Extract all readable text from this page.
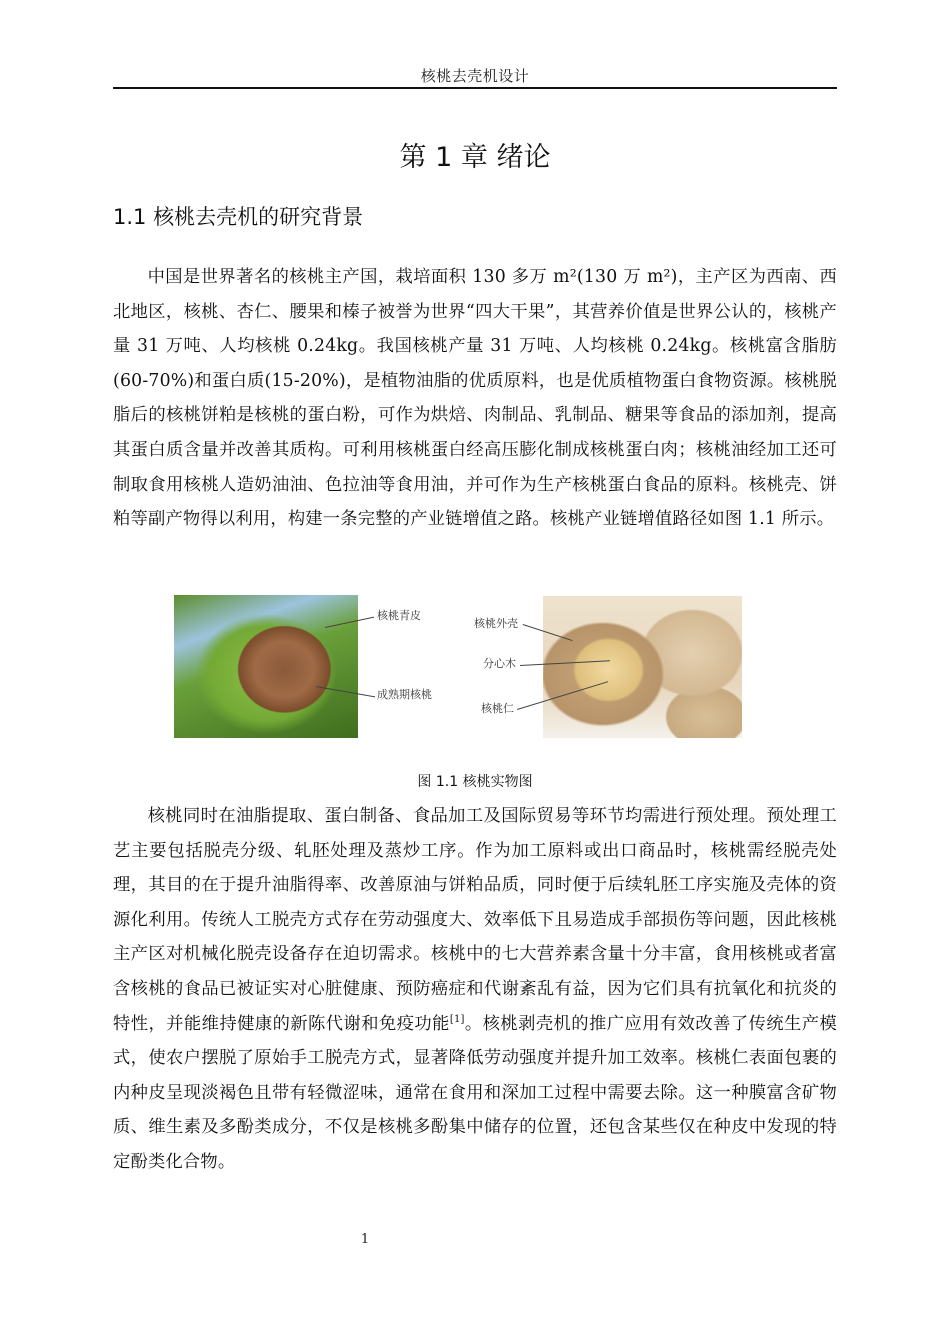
核桃去壳机设计
第 1 章 绪论
1.1 核桃去壳机的研究背景

中国是世界著名的核桃主产国，栽培面积 130 多万 m²(130 万 m²)，主产区为西南、西北地区，核桃、杏仁、腰果和榛子被誉为世界“四大干果”，其营养价值是世界公认的，核桃产量 31 万吨、人均核桃 0.24kg。我国核桃产量 31 万吨、人均核桃 0.24kg。核桃富含脂肪(60-70%)和蛋白质(15-20%)，是植物油脂的优质原料，也是优质植物蛋白食物资源。核桃脱脂后的核桃饼粕是核桃的蛋白粉，可作为烘焙、肉制品、乳制品、糖果等食品的添加剂，提高其蛋白质含量并改善其质构。可利用核桃蛋白经高压膨化制成核桃蛋白肉；核桃油经加工还可制取食用核桃人造奶油油、色拉油等食用油，并可作为生产核桃蛋白食品的原料。核桃壳、饼粕等副产物得以利用，构建一条完整的产业链增值之路。核桃产业链增值路径如图 1.1 所示。

核桃青皮
成熟期核桃
核桃外壳
分心木
核桃仁
图 1.1 核桃实物图

核桃同时在油脂提取、蛋白制备、食品加工及国际贸易等环节均需进行预处理。预处理工艺主要包括脱壳分级、轧胚处理及蒸炒工序。作为加工原料或出口商品时，核桃需经脱壳处理，其目的在于提升油脂得率、改善原油与饼粕品质，同时便于后续轧胚工序实施及壳体的资源化利用。传统人工脱壳方式存在劳动强度大、效率低下且易造成手部损伤等问题，因此核桃主产区对机械化脱壳设备存在迫切需求。核桃中的七大营养素含量十分丰富，食用核桃或者富含核桃的食品已被证实对心脏健康、预防癌症和代谢紊乱有益，因为它们具有抗氧化和抗炎的特性，并能维持健康的新陈代谢和免疫功能[1]。核桃剥壳机的推广应用有效改善了传统生产模式，使农户摆脱了原始手工脱壳方式，显著降低劳动强度并提升加工效率。核桃仁表面包裹的内种皮呈现淡褐色且带有轻微涩味，通常在食用和深加工过程中需要去除。这一种膜富含矿物质、维生素及多酚类成分，不仅是核桃多酚集中储存的位置，还包含某些仅在种皮中发现的特定酚类化合物。

1
